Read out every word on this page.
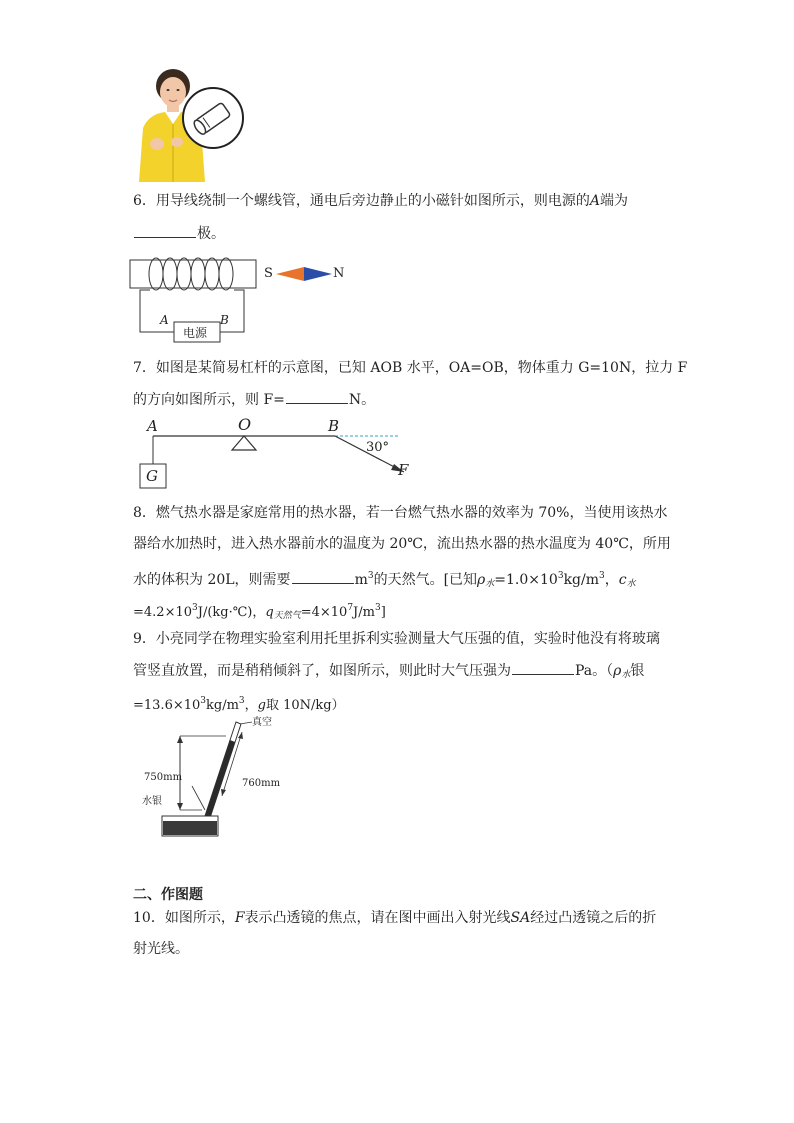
6．用导线绕制一个螺线管，通电后旁边静止的小磁针如图所示，则电源的A端为
极。
S	N
A	B
电源
7．如图是某简易杠杆的示意图，已知 AOB 水平，OA=OB，物体重力 G=10N，拉力 F
的方向如图所示，则 F=	N。
A	O	B
G
30°
F
8．燃气热水器是家庭常用的热水器，若一台燃气热水器的效率为 70%，当使用该热水
器给水加热时，进入热水器前水的温度为 20℃，流出热水器的热水温度为 40℃，所用
水的体积为 20L，则需要	$m^3$的天然气。[已知$\rho_水=1.0\times 10^3kg/m^3$，$c_水$
$=4.2\times 10^3J/(kg\cdot℃)$，$q_{天然气}=4\times 10^7J/m^3$]
9．小亮同学在物理实验室利用托里拆利实验测量大气压强的值，实验时他没有将玻璃
管竖直放置，而是稍稍倾斜了，如图所示，则此时大气压强为	Pa。（$\rho_水$银
$=13.6\times 10^3kg/m^3$，g取 10N/kg）
真空
750mm
760mm
水银
二、作图题
10．如图所示，F表示凸透镜的焦点，请在图中画出入射光线SA经过凸透镜之后的折
射光线。
